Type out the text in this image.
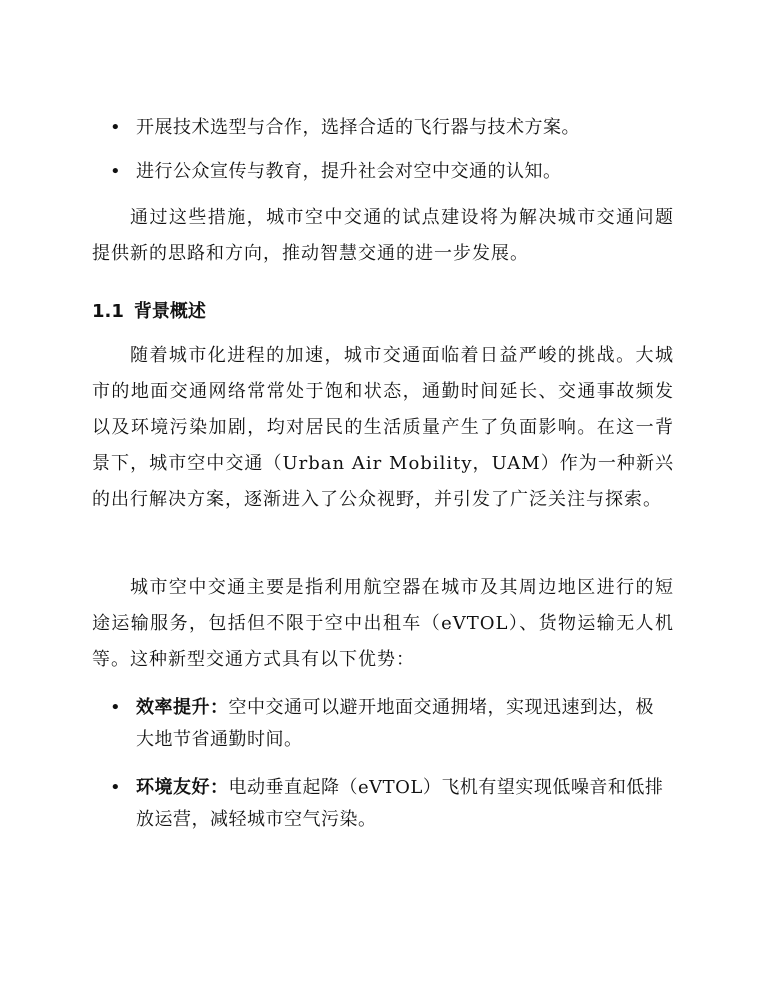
• 开展技术选型与合作，选择合适的飞行器与技术方案。
• 进行公众宣传与教育，提升社会对空中交通的认知。

通过这些措施，城市空中交通的试点建设将为解决城市交通问题提供新的思路和方向，推动智慧交通的进一步发展。

1.1 背景概述

随着城市化进程的加速，城市交通面临着日益严峻的挑战。大城市的地面交通网络常常处于饱和状态，通勤时间延长、交通事故频发以及环境污染加剧，均对居民的生活质量产生了负面影响。在这一背景下，城市空中交通（Urban Air Mobility，UAM）作为一种新兴的出行解决方案，逐渐进入了公众视野，并引发了广泛关注与探索。

城市空中交通主要是指利用航空器在城市及其周边地区进行的短途运输服务，包括但不限于空中出租车（eVTOL）、货物运输无人机等。这种新型交通方式具有以下优势：

• 效率提升：空中交通可以避开地面交通拥堵，实现迅速到达，极大地节省通勤时间。
• 环境友好：电动垂直起降（eVTOL）飞机有望实现低噪音和低排放运营，减轻城市空气污染。
